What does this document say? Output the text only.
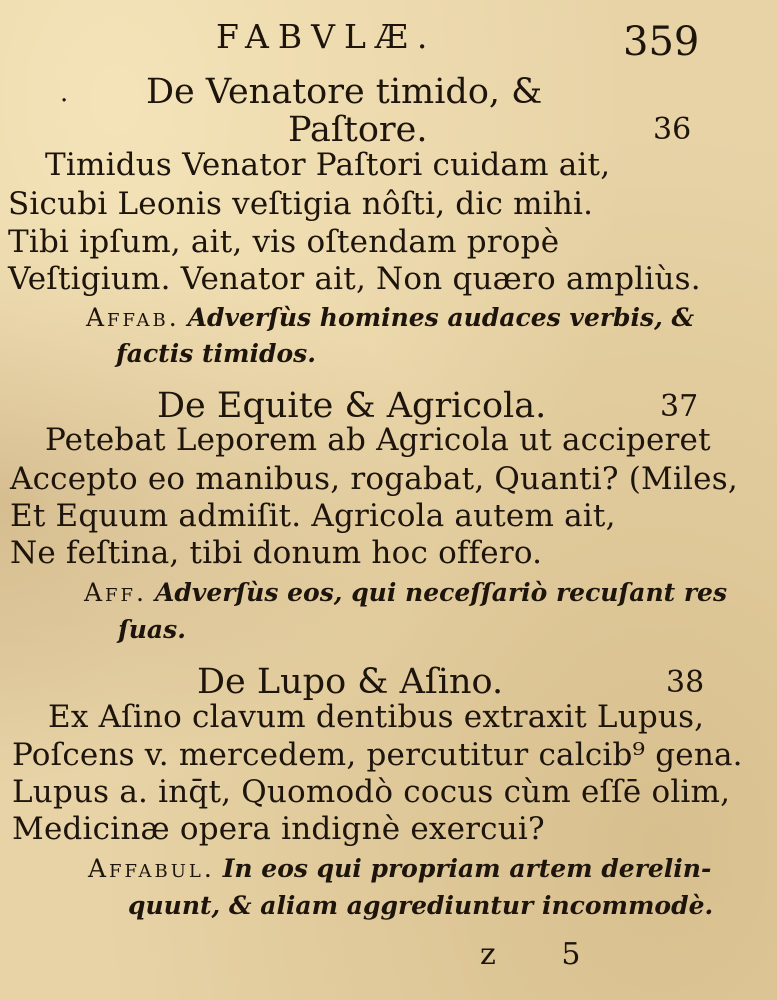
FABVLÆ.	359
· De Venatore timido, &
Paſtore.	36
Timidus Venator Paſtori cuidam ait,
Sicubi Leonis veſtigia nôſti, dic mihi.
Tibi ipſum, ait, vis oſtendam propè
Veſtigium. Venator ait, Non quæro ampliùs.
Affab. Adverſùs homines audaces verbis, &
factis timidos.
De Equite & Agricola.	37
Petebat Leporem ab Agricola ut acciperet
Accepto eo manibus, rogabat, Quanti? (Miles,
Et Equum admiſit. Agricola autem ait,
Ne feſtina, tibi donum hoc offero.
Aff. Adverſùs eos, qui neceſſariò recuſant res
ſuas.
De Lupo & Aſino.	38
Ex Aſino clavum dentibus extraxit Lupus,
Poſcens v. mercedem, percutitur calcib⁹ gena.
Lupus a. inq̄t, Quomodò cocus cùm eſſē olim,
Medicinæ opera indignè exercui?
Affabul. In eos qui propriam artem derelin-
quunt, & aliam aggrediuntur incommodè.
z 5
